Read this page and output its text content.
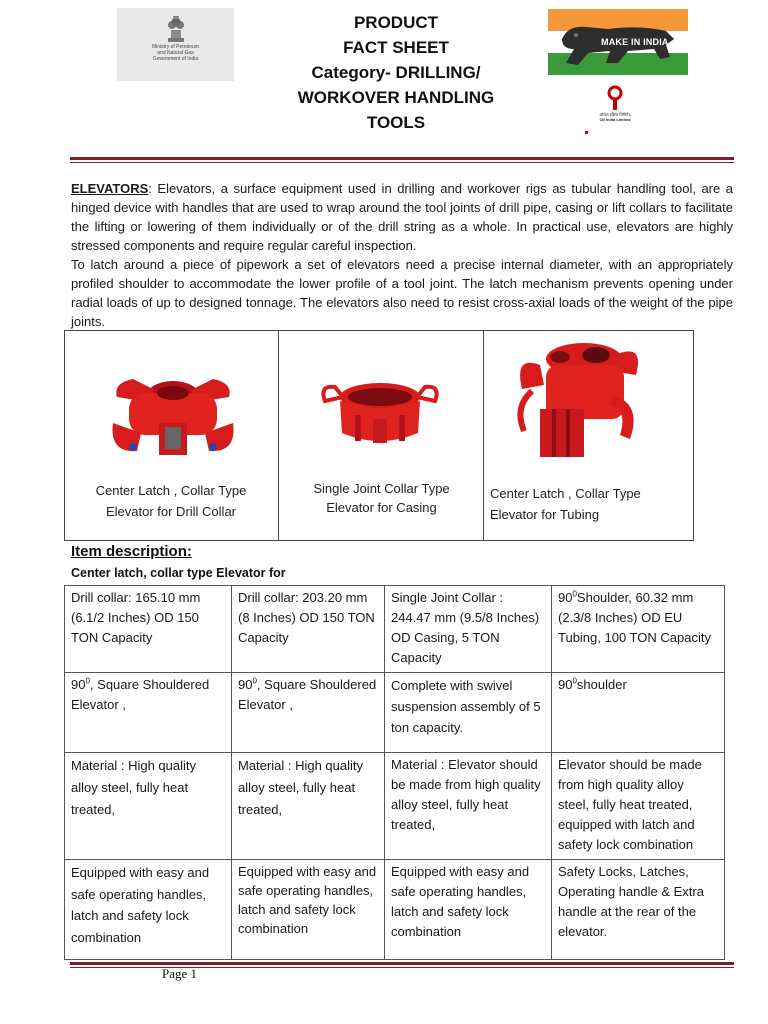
Ministry of Petroleum
and Natural Gas
Government of India
PRODUCT
FACT SHEET
Category- DRILLING/
WORKOVER HANDLING
TOOLS
MAKE IN INDIA
ऑयल इंडिया लिमिटेड
Oil India Limited

ELEVATORS: Elevators, a surface equipment used in drilling and workover rigs as tubular handling tool, are a hinged device with handles that are used to wrap around the tool joints of drill pipe, casing or lift collars to facilitate the lifting or lowering of them individually or of the drill string as a whole. In practical use, elevators are highly stressed components and require regular careful inspection.

To latch around a piece of pipework a set of elevators need a precise internal diameter, with an appropriately profiled shoulder to accommodate the lower profile of a tool joint. The latch mechanism prevents opening under radial loads of up to designed tonnage. The elevators also need to resist cross-axial loads of the weight of the pipe joints.

Center Latch , Collar Type
Elevator for Drill Collar
Single Joint Collar Type
Elevator for Casing
Center Latch , Collar Type
Elevator for Tubing
Item description:
Center latch, collar type Elevator for
Drill collar: 165.10 mm (6.1/2 Inches) OD 150 TON Capacity	Drill collar: 203.20 mm (8 Inches) OD 150 TON Capacity	Single Joint Collar : 244.47 mm (9.5/8 Inches) OD Casing, 5 TON Capacity	$90^0Shoulder$, 60.32 mm (2.3/8 Inches) OD EU Tubing, 100 TON Capacity
$90^0$, Square Shouldered Elevator ,	$90^0$, Square Shouldered Elevator ,	Complete with swivel suspension assembly of 5 ton capacity.	$90^0shoulder$
Material : High quality alloy steel, fully heat treated,	Material : High quality alloy steel, fully heat treated,	Material : Elevator should be made from high quality alloy steel, fully heat treated,	Elevator should be made from high quality alloy steel, fully heat treated, equipped with latch and safety lock combination
Equipped with easy and safe operating handles, latch and safety lock combination	Equipped with easy and safe operating handles, latch and safety lock combination	Equipped with easy and safe operating handles, latch and safety lock combination	Safety Locks, Latches, Operating handle & Extra handle at the rear of the elevator.
Page 1
